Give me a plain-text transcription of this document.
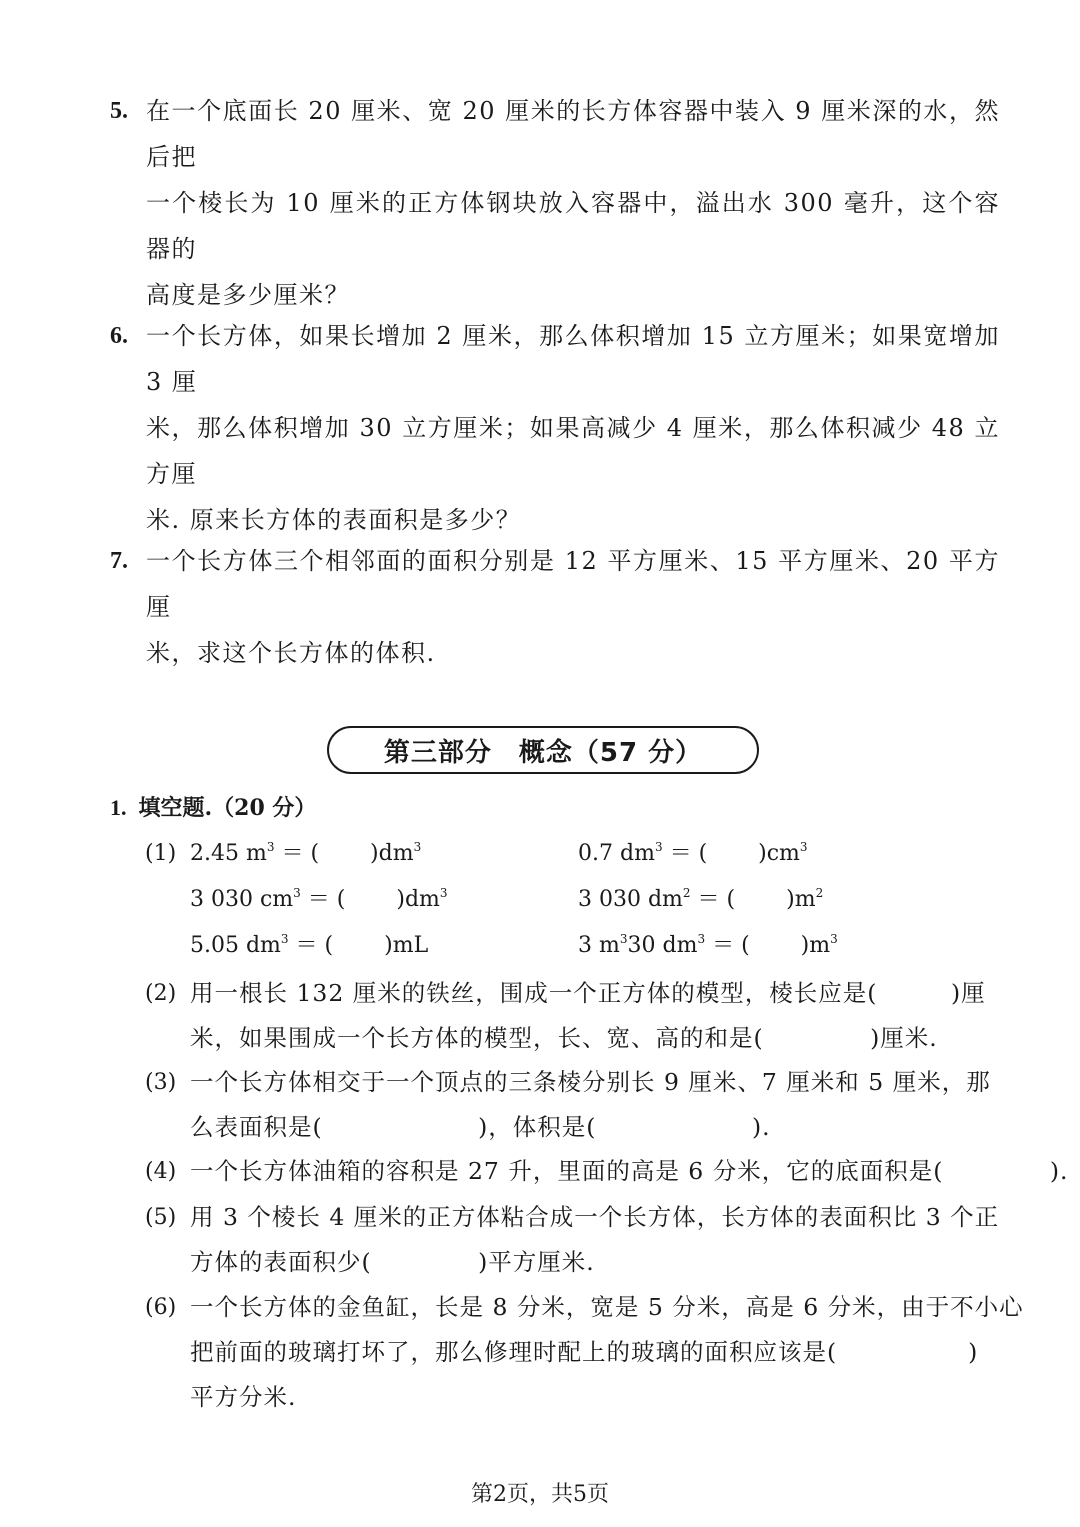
5. 在一个底面长 20 厘米、宽 20 厘米的长方体容器中装入 9 厘米深的水，然后把
一个棱长为 10 厘米的正方体钢块放入容器中，溢出水 300 毫升，这个容器的
高度是多少厘米？
6. 一个长方体，如果长增加 2 厘米，那么体积增加 15 立方厘米；如果宽增加 3 厘
米，那么体积增加 30 立方厘米；如果高减少 4 厘米，那么体积减少 48 立方厘
米. 原来长方体的表面积是多少？
7. 一个长方体三个相邻面的面积分别是 12 平方厘米、15 平方厘米、20 平方厘
米，求这个长方体的体积.
第三部分　概念（57 分）
1. 填空题.（20 分）
(1) 2.45 $m^3$ ＝ (　　 )$dm^3$	0.7 $dm^3$ ＝ (　　 )$cm^3$
3 030 $cm^3$ ＝ (　　 )$dm^3$	3 030 $dm^2$ ＝ (　　 )$m^2$
5.05 $dm^3$ ＝ (　　 )mL	3 $m^330$ $dm^3$ ＝ (　　 )$m^3$
(2) 用一根长 132 厘米的铁丝，围成一个正方体的模型，棱长应是(　　　)厘
米，如果围成一个长方体的模型，长、宽、高的和是(　　　　 )厘米.
(3) 一个长方体相交于一个顶点的三条棱分别长 9 厘米、7 厘米和 5 厘米，那
么表面积是(　　　　　　 )，体积是(　　　　　　 ).
(4) 一个长方体油箱的容积是 27 升，里面的高是 6 分米，它的底面积是(　　　　 ).
(5) 用 3 个棱长 4 厘米的正方体粘合成一个长方体，长方体的表面积比 3 个正
方体的表面积少(　　　　 )平方厘米.
(6) 一个长方体的金鱼缸，长是 8 分米，宽是 5 分米，高是 6 分米，由于不小心
把前面的玻璃打坏了，那么修理时配上的玻璃的面积应该是(　　　　　 )
平方分米.
第2页，共5页
